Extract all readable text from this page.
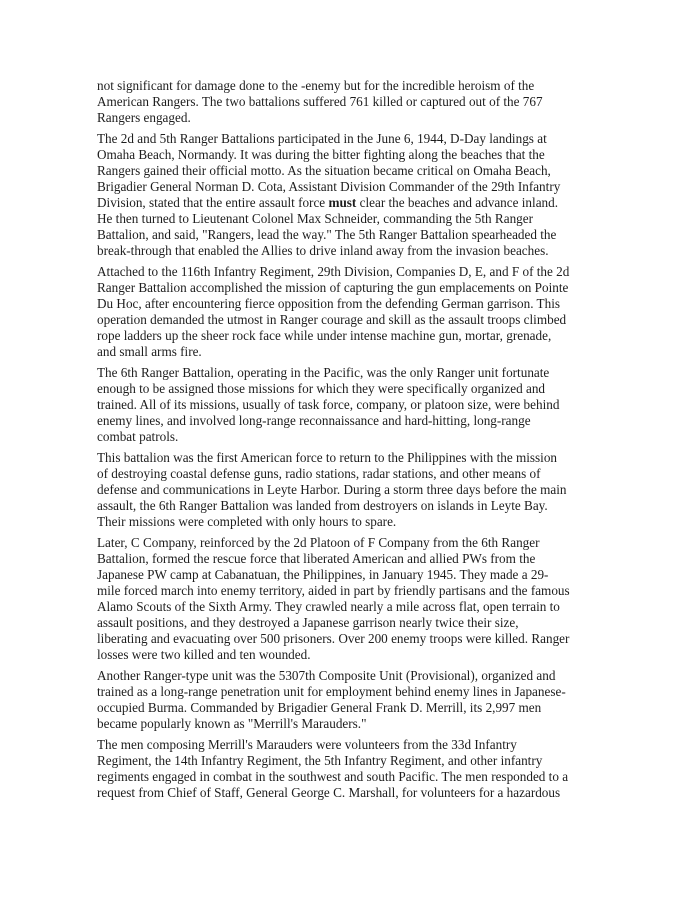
not significant for damage done to the -enemy but for the incredible heroism of the
American Rangers. The two battalions suffered 761 killed or captured out of the 767
Rangers engaged.

The 2d and 5th Ranger Battalions participated in the June 6, 1944, D-Day landings at
Omaha Beach, Normandy. It was during the bitter fighting along the beaches that the
Rangers gained their official motto. As the situation became critical on Omaha Beach,
Brigadier General Norman D. Cota, Assistant Division Commander of the 29th Infantry
Division, stated that the entire assault force must clear the beaches and advance inland.
He then turned to Lieutenant Colonel Max Schneider, commanding the 5th Ranger
Battalion, and said, "Rangers, lead the way." The 5th Ranger Battalion spearheaded the
break-through that enabled the Allies to drive inland away from the invasion beaches.

Attached to the 116th Infantry Regiment, 29th Division, Companies D, E, and F of the 2d
Ranger Battalion accomplished the mission of capturing the gun emplacements on Pointe
Du Hoc, after encountering fierce opposition from the defending German garrison. This
operation demanded the utmost in Ranger courage and skill as the assault troops climbed
rope ladders up the sheer rock face while under intense machine gun, mortar, grenade,
and small arms fire.

The 6th Ranger Battalion, operating in the Pacific, was the only Ranger unit fortunate
enough to be assigned those missions for which they were specifically organized and
trained. All of its missions, usually of task force, company, or platoon size, were behind
enemy lines, and involved long-range reconnaissance and hard-hitting, long-range
combat patrols.

This battalion was the first American force to return to the Philippines with the mission
of destroying coastal defense guns, radio stations, radar stations, and other means of
defense and communications in Leyte Harbor. During a storm three days before the main
assault, the 6th Ranger Battalion was landed from destroyers on islands in Leyte Bay.
Their missions were completed with only hours to spare.

Later, C Company, reinforced by the 2d Platoon of F Company from the 6th Ranger
Battalion, formed the rescue force that liberated American and allied PWs from the
Japanese PW camp at Cabanatuan, the Philippines, in January 1945. They made a 29-
mile forced march into enemy territory, aided in part by friendly partisans and the famous
Alamo Scouts of the Sixth Army. They crawled nearly a mile across flat, open terrain to
assault positions, and they destroyed a Japanese garrison nearly twice their size,
liberating and evacuating over 500 prisoners. Over 200 enemy troops were killed. Ranger
losses were two killed and ten wounded.

Another Ranger-type unit was the 5307th Composite Unit (Provisional), organized and
trained as a long-range penetration unit for employment behind enemy lines in Japanese-
occupied Burma. Commanded by Brigadier General Frank D. Merrill, its 2,997 men
became popularly known as "Merrill's Marauders."

The men composing Merrill's Marauders were volunteers from the 33d Infantry
Regiment, the 14th Infantry Regiment, the 5th Infantry Regiment, and other infantry
regiments engaged in combat in the southwest and south Pacific. The men responded to a
request from Chief of Staff, General George C. Marshall, for volunteers for a hazardous
